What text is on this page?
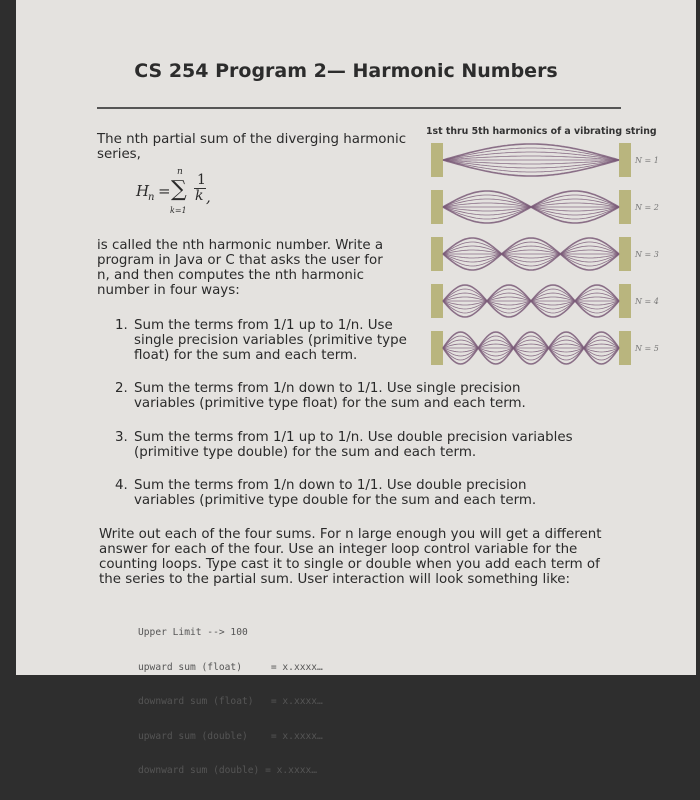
CS 254 Program 2— Harmonic Numbers
The nth partial sum of the diverging harmonic
series,
H
n = ∑
n
k=1
1
k ,
is called the nth harmonic number. Write a
program in Java or C that asks the user for
n, and then computes the nth harmonic
number in four ways:
1. Sum the terms from 1/1 up to 1/n. Use
single precision variables (primitive type
float) for the sum and each term.
2. Sum the terms from 1/n down to 1/1. Use single precision
variables (primitive type float) for the sum and each term.
3. Sum the terms from 1/1 up to 1/n. Use double precision variables
(primitive type double) for the sum and each term.
4. Sum the terms from 1/n down to 1/1. Use double precision
variables (primitive type double for the sum and each term.
Write out each of the four sums. For n large enough you will get a different
answer for each of the four. Use an integer loop control variable for the
counting loops. Type cast it to single or double when you add each term of
the series to the partial sum. User interaction will look something like:

Upper Limit --> 100

upward sum (float)     = x.xxxx…

downward sum (float)   = x.xxxx…

upward sum (double)    = x.xxxx…

downward sum (double) = x.xxxx…

1st thru 5th harmonics of a vibrating string
N = 1
N = 2
N = 3
N = 4
N = 5
